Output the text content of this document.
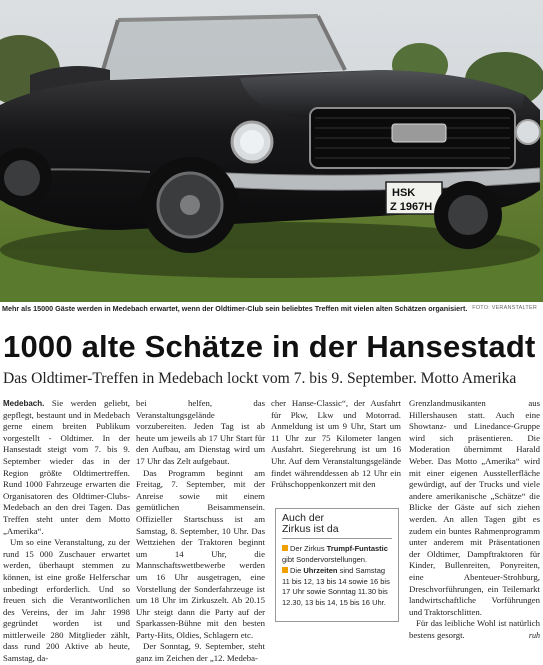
HSK
Z 1967H
Mehr als 15000 Gäste werden in Medebach erwartet, wenn der Oldtimer-Club sein beliebtes Treffen mit vielen alten Schätzen organisiert. FOTO: VERANSTALTER
1000 alte Schätze in der Hansestadt
Das Oldtimer-Treffen in Medebach lockt vom 7. bis 9. September. Motto Amerika

Medebach. Sie werden geliebt, gepflegt, bestaunt und in Medebach gerne einem breiten Publikum vorgestellt - Oldtimer. In der Hansestadt steigt vom 7. bis 9. September wieder das in der Region größte Oldtimertreffen. Rund 1000 Fahrzeuge erwarten die Organisatoren des Oldtimer-Clubs-Medebach an den drei Tagen. Das Treffen steht unter dem Motto „Amerika“.

Um so eine Veranstaltung, zu der rund 15 000 Zuschauer erwartet werden, überhaupt stemmen zu können, ist eine große Helferschar unbedingt erforderlich. Und so freuen sich die Verantwortlichen des Vereins, der im Jahr 1998 gegründet worden ist und mittlerweile 280 Mitglieder zählt, dass rund 200 Aktive ab heute, Samstag, da-

bei helfen, das Veranstaltungsgelände vorzubereiten. Jeden Tag ist ab heute um jeweils ab 17 Uhr Start für den Aufbau, am Dienstag wird um 17 Uhr das Zelt aufgebaut.

Das Programm beginnt am Freitag, 7. September, mit der Anreise sowie mit einem gemütlichen Beisammensein. Offizieller Startschuss ist am Samstag, 8. September, 10 Uhr. Das Wettziehen der Traktoren beginnt um 14 Uhr, die Mannschaftswettbewerbe werden um 16 Uhr ausgetragen, eine Vorstellung der Sonderfahrzeuge ist um 18 Uhr im Zirkuszelt. Ab 20.15 Uhr steigt dann die Party auf der Sparkassen-Bühne mit den besten Party-Hits, Oldies, Schlagern etc.

Der Sonntag, 9. September, steht ganz im Zeichen der „12. Medeba-

cher Hanse-Classic“, der Ausfahrt für Pkw, Lkw und Motorrad. Anmeldung ist um 9 Uhr, Start um 11 Uhr zur 75 Kilometer langen Ausfahrt. Siegerehrung ist um 16 Uhr. Auf dem Veranstaltungsgelände findet währenddessen ab 12 Uhr ein Frühschoppenkonzert mit den

Auch der
Zirkus ist da
Der Zirkus Trumpf-Funtastic gibt Sondervorstellungen.
Die Uhrzeiten sind Samstag 11 bis 12, 13 bis 14 sowie 16 bis 17 Uhr sowie Sonntag 11.30 bis 12.30, 13 bis 14, 15 bis 16 Uhr.

Grenzlandmusikanten aus Hillershausen statt. Auch eine Showtanz- und Linedance-Gruppe wird sich präsentieren. Die Moderation übernimmt Harald Weber. Das Motto „Amerika“ wird mit einer eigenen Ausstellerfläche gewürdigt, auf der Trucks und viele andere amerikanische „Schätze“ die Blicke der Gäste auf sich ziehen werden. An allen Tagen gibt es zudem ein buntes Rahmenprogramm unter anderem mit Präsentationen der Oldtimer, Dampftraktoren für Kinder, Bullenreiten, Ponyreiten, eine Abenteuer-Strohburg, Dreschvorführungen, ein Teilemarkt landwirtschaftliche Vorführungen und Traktorschlitten.

Für das leibliche Wohl ist natürlich bestens gesorgt.	ruh
